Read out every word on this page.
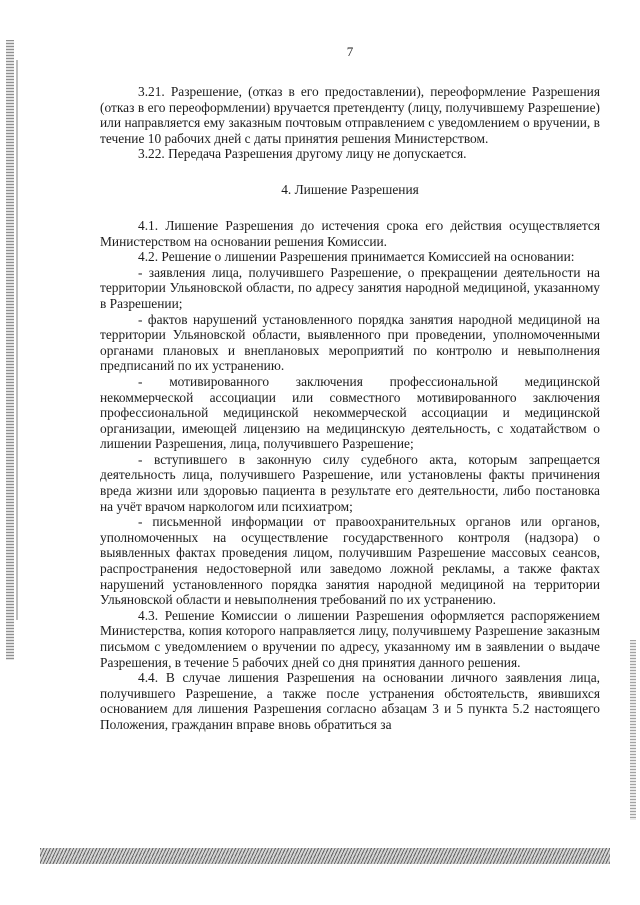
7

3.21. Разрешение, (отказ в его предоставлении), переоформление Разрешения (отказ в его переоформлении) вручается претенденту (лицу, получившему Разрешение) или направляется ему заказным почтовым отправлением с уведомлением о вручении, в течение 10 рабочих дней с даты принятия решения Министерством.

3.22. Передача Разрешения другому лицу не допускается.

4. Лишение Разрешения

4.1. Лишение Разрешения до истечения срока его действия осуществляется Министерством на основании решения Комиссии.

4.2. Решение о лишении Разрешения принимается Комиссией на основании:

- заявления лица, получившего Разрешение, о прекращении деятельности на территории Ульяновской области, по адресу занятия народной медициной, указанному в Разрешении;

- фактов нарушений установленного порядка занятия народной медициной на территории Ульяновской области, выявленного при проведении, уполномоченными органами плановых и внеплановых мероприятий по контролю и невыполнения предписаний по их устранению.

- мотивированного заключения профессиональной медицинской некоммерческой ассоциации или совместного мотивированного заключения профессиональной медицинской некоммерческой ассоциации и медицинской организации, имеющей лицензию на медицинскую деятельность, с ходатайством о лишении Разрешения, лица, получившего Разрешение;

- вступившего в законную силу судебного акта, которым запрещается деятельность лица, получившего Разрешение, или установлены факты причинения вреда жизни или здоровью пациента в результате его деятельности, либо постановка на учёт врачом наркологом или психиатром;

- письменной информации от правоохранительных органов или органов, уполномоченных на осуществление государственного контроля (надзора) о выявленных фактах проведения лицом, получившим Разрешение массовых сеансов, распространения недостоверной или заведомо ложной рекламы, а также фактах нарушений установленного порядка занятия народной медициной на территории Ульяновской области и невыполнения требований по их устранению.

4.3. Решение Комиссии о лишении Разрешения оформляется распоряжением Министерства, копия которого направляется лицу, получившему Разрешение заказным письмом с уведомлением о вручении по адресу, указанному им в заявлении о выдаче Разрешения, в течение 5 рабочих дней со дня принятия данного решения.

4.4. В случае лишения Разрешения на основании личного заявления лица, получившего Разрешение, а также после устранения обстоятельств, явившихся основанием для лишения Разрешения согласно абзацам 3 и 5 пункта 5.2 настоящего Положения, гражданин вправе вновь обратиться за
